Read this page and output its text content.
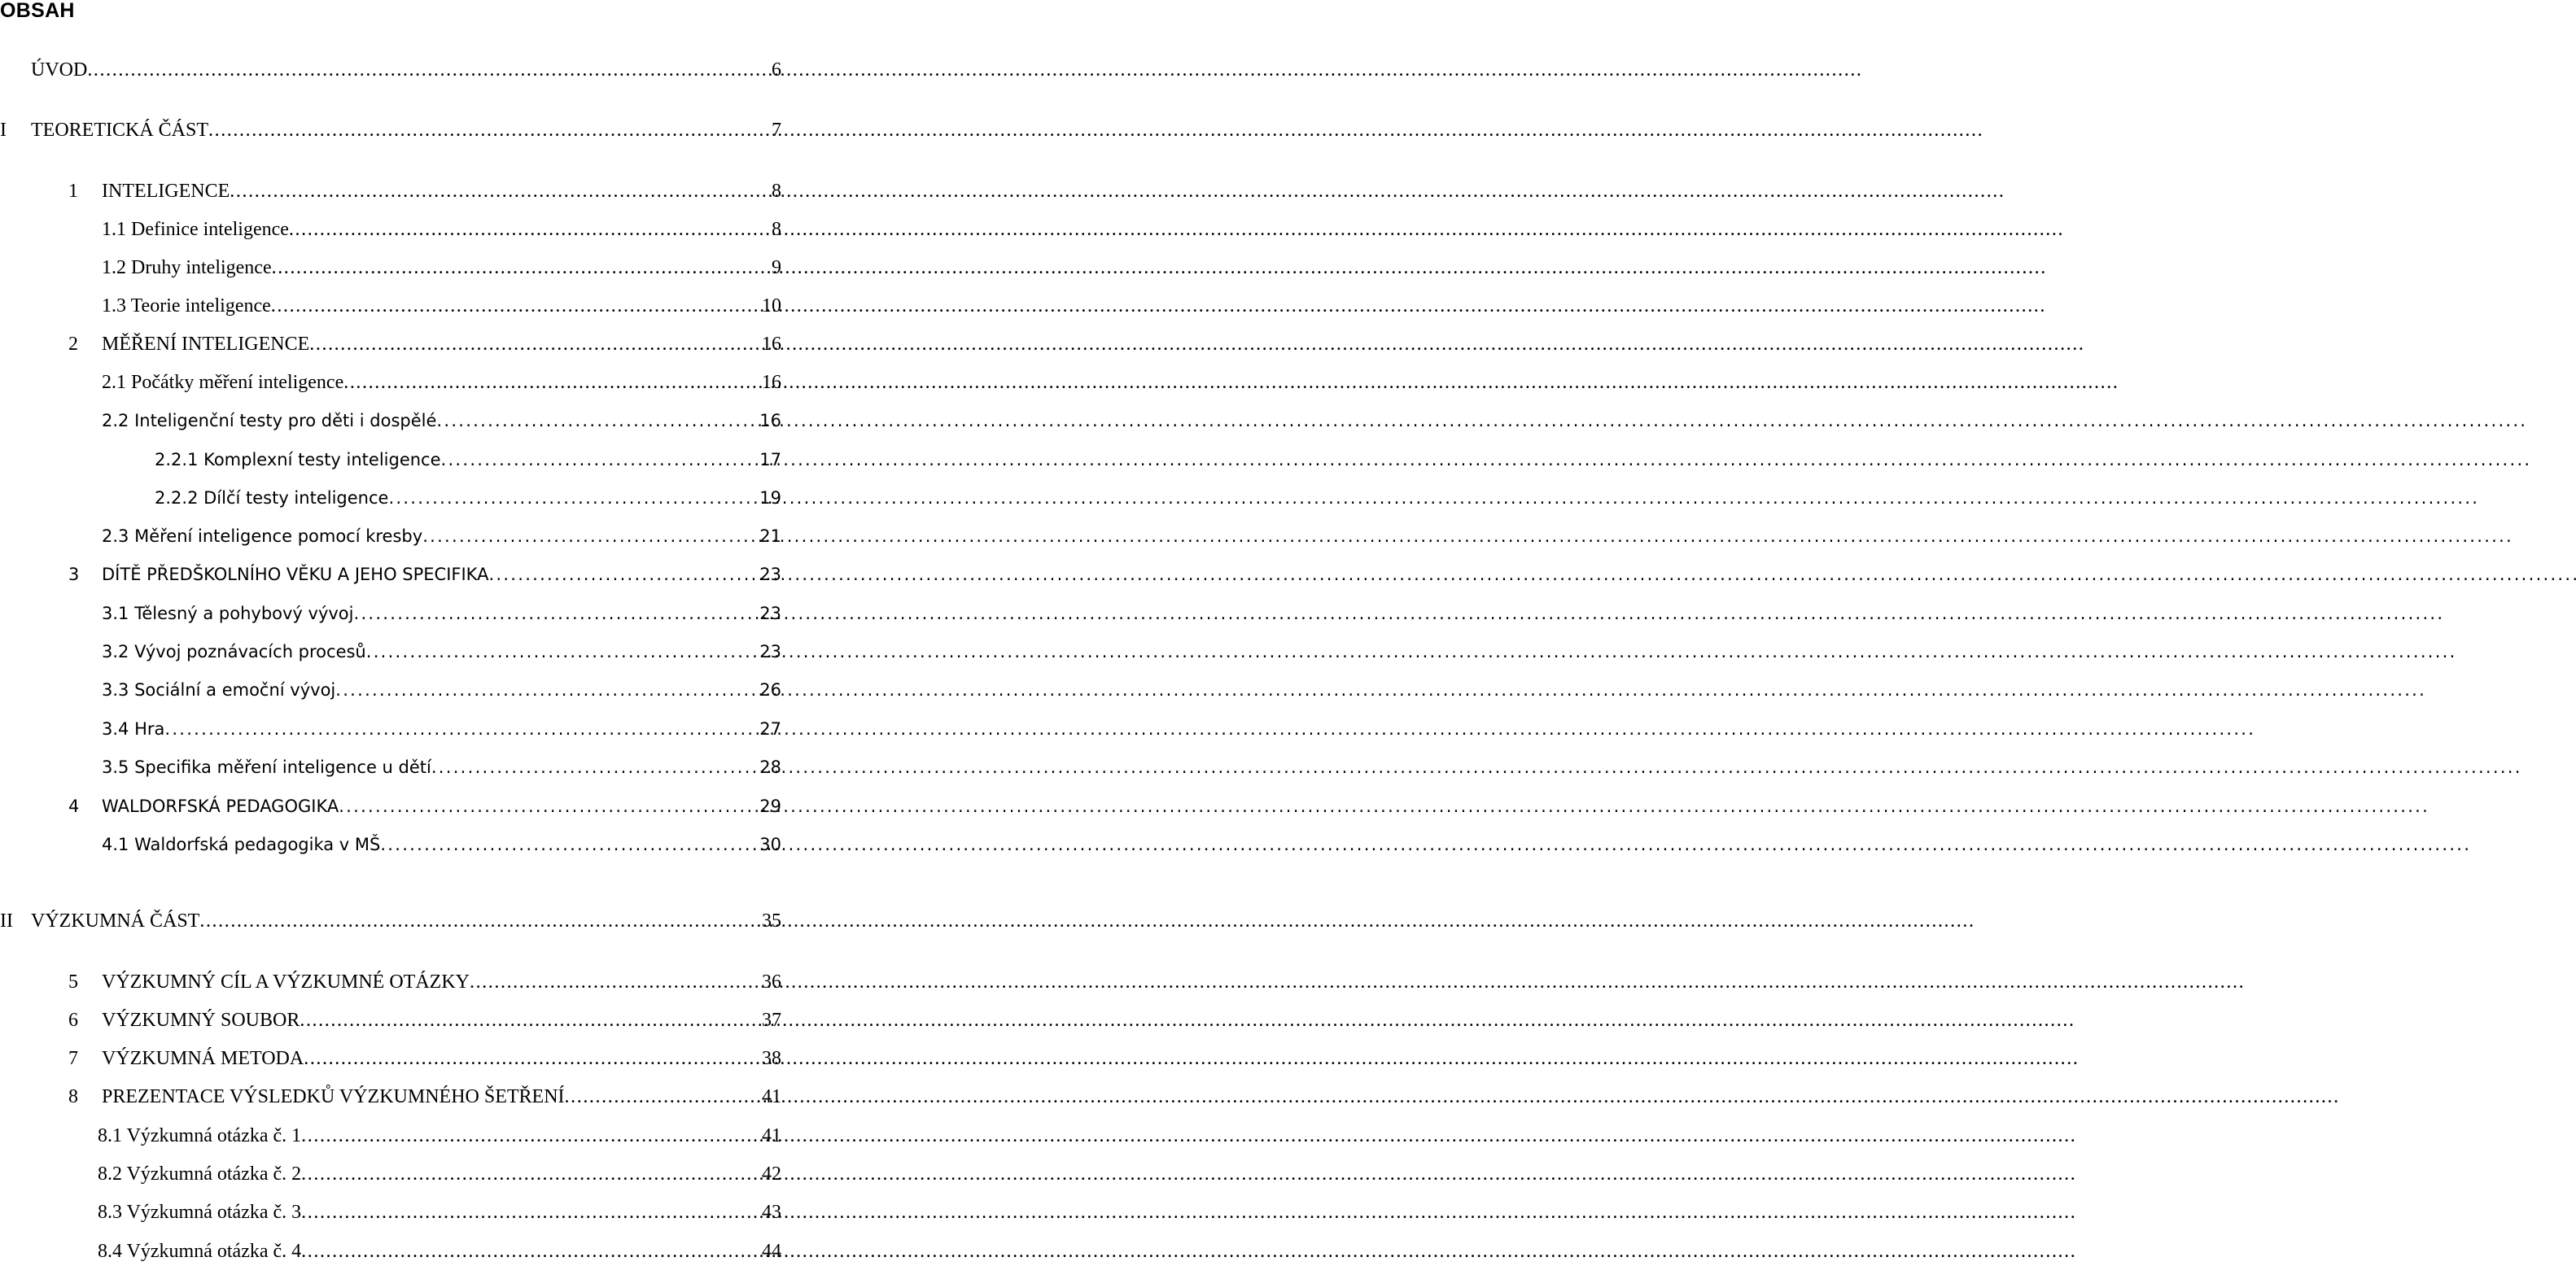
OBSAH
ÚVOD . . .	6
I	TEORETICKÁ ČÁST . . .	7
1	INTELIGENCE . . .	8
1.1 Definice inteligence . . .	8
1.2 Druhy inteligence . . .	9
1.3 Teorie inteligence . . .	10
2	MĚŘENÍ INTELIGENCE . . .	16
2.1 Počátky měření inteligence . . .	16
2.2 Inteligenční testy pro děti i dospělé . . .	16
2.2.1 Komplexní testy inteligence . . .	17
2.2.2 Dílčí testy inteligence . . .	19
2.3 Měření inteligence pomocí kresby . . .	21
3	DÍTĚ PŘEDŠKOLNÍHO VĚKU A JEHO SPECIFIKA . . .	23
3.1 Tělesný a pohybový vývoj . . .	23
3.2 Vývoj poznávacích procesů . . .	23
3.3 Sociální a emoční vývoj . . .	26
3.4 Hra . . .	27
3.5 Specifika měření inteligence u dětí . . .	28
4	WALDORFSKÁ PEDAGOGIKA . . .	29
4.1 Waldorfská pedagogika v MŠ . . .	30
II VÝZKUMNÁ ČÁST . . .	35
5	VÝZKUMNÝ CÍL A VÝZKUMNÉ OTÁZKY . . .	36
6	VÝZKUMNÝ SOUBOR . . .	37
7	VÝZKUMNÁ METODA . . .	38
8	PREZENTACE VÝSLEDKŮ VÝZKUMNÉHO ŠETŘENÍ . . .	41
8.1 Výzkumná otázka č. 1 . . .	41
8.2 Výzkumná otázka č. 2 . . .	42
8.3 Výzkumná otázka č. 3 . . .	43
8.4 Výzkumná otázka č. 4 . . .	44
